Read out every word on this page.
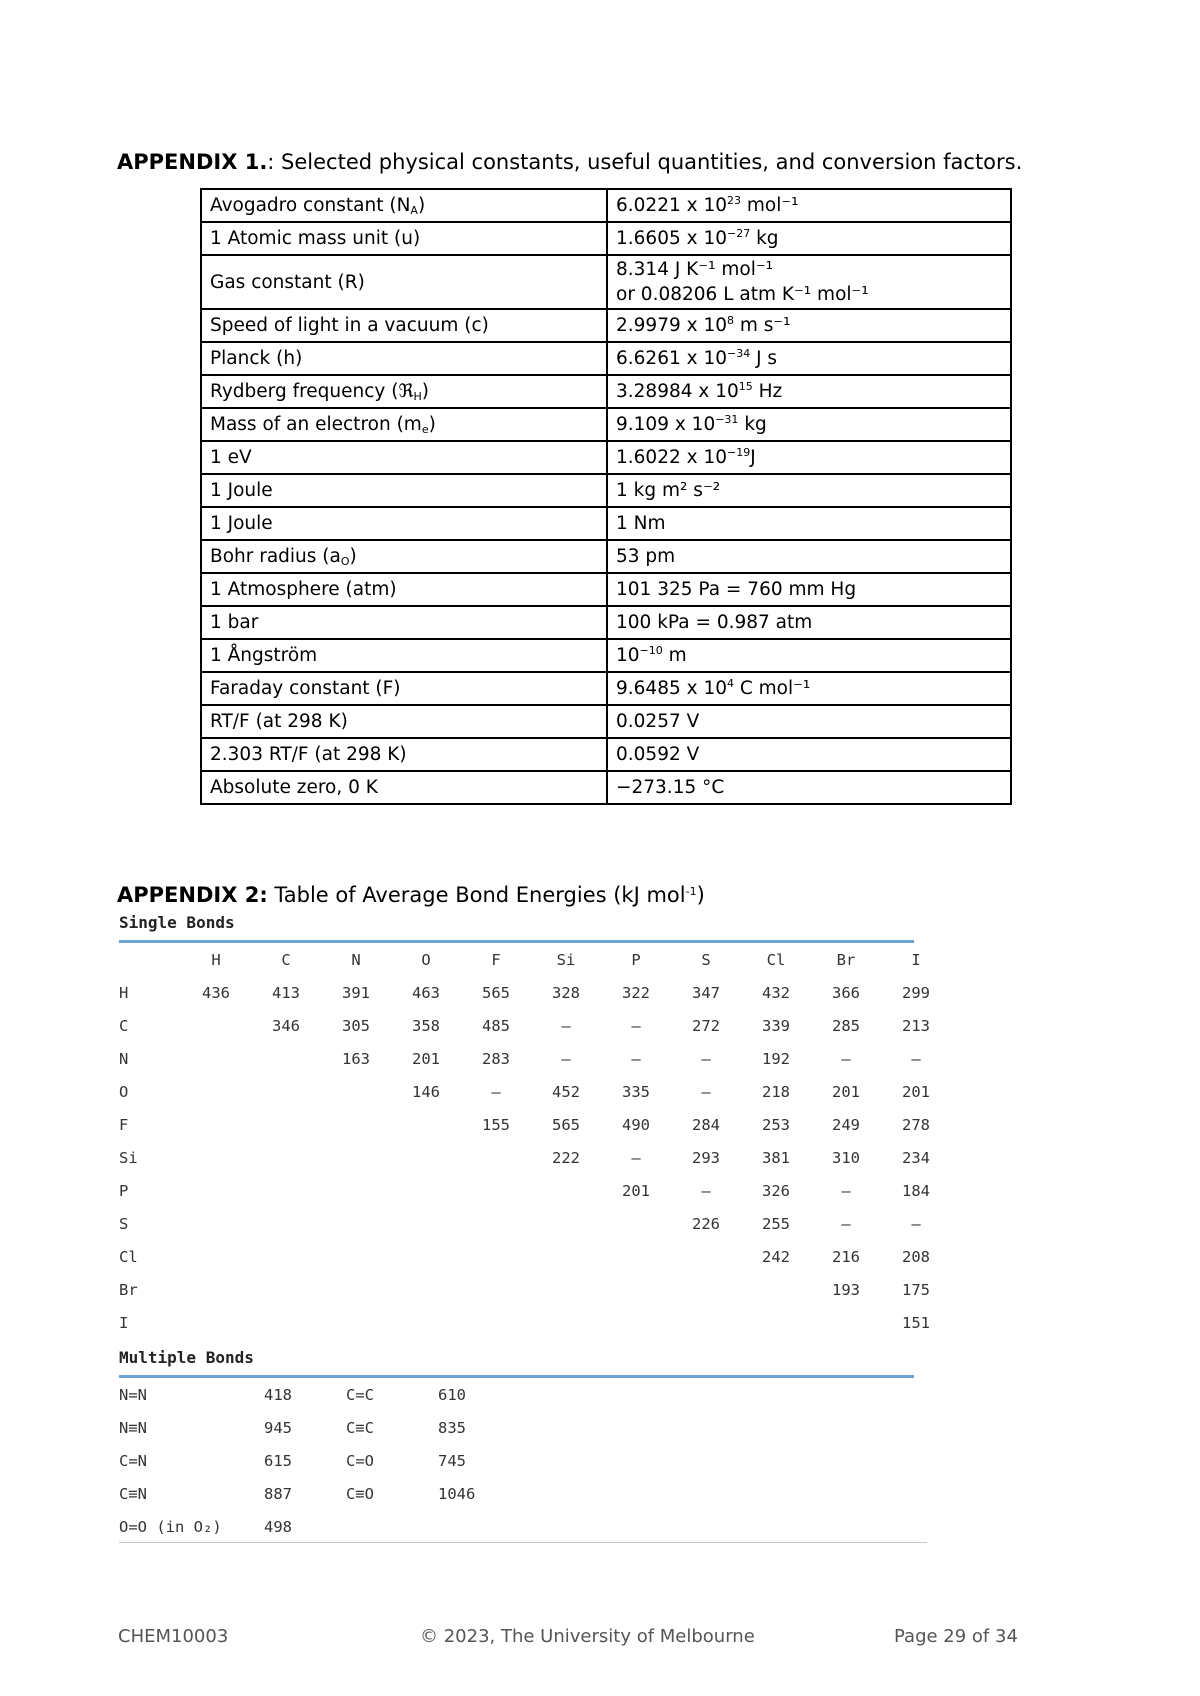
APPENDIX 1.: Selected physical constants, useful quantities, and conversion factors.
Avogadro constant $(N_A)$	6.0221 x $10^{23}$ mol⁻¹
1 Atomic mass unit (u)	1.6605 x $10^{-27}$ kg
Gas constant (R)	8.314 J K⁻¹ mol⁻¹
or 0.08206 L atm K⁻¹ mol⁻¹
Speed of light in a vacuum (c)	2.9979 x $10^8$ m s⁻¹
Planck (h)	6.6261 x $10^{-34}$ J s
Rydberg frequency (ℜ$_H$)	3.28984 x $10^{15}$ Hz
Mass of an electron $(m_e)$	9.109 x $10^{-31}$ kg
1 eV	1.6022 x $10^{-19}J$
1 Joule	1 kg m² s⁻²
1 Joule	1 Nm
Bohr radius $(a_O)$	53 pm
1 Atmosphere (atm)	101 325 Pa = 760 mm Hg
1 bar	100 kPa = 0.987 atm
1 Ångström	$10^{-10}$ m
Faraday constant (F)	9.6485 x $10^4$ C mol⁻¹
RT/F (at 298 K)	0.0257 V
2.303 RT/F (at 298 K)	0.0592 V
Absolute zero, 0 K	−273.15 °C
APPENDIX 2: Table of Average Bond Energies (kJ mol$^{-1}$)
Single Bonds
	H	C	N	O	F	Si	P	S	Cl	Br	I
H	436	413	391	463	565	328	322	347	432	366	299
C		346	305	358	485	–	–	272	339	285	213
N			163	201	283	–	–	–	192	–	–
O				146	–	452	335	–	218	201	201
F					155	565	490	284	253	249	278
Si						222	–	293	381	310	234
P							201	–	326	–	184
S								226	255	–	–
Cl									242	216	208
Br										193	175
I											151
Multiple Bonds
N=N	418	C=C	610
N≡N	945	C≡C	835
C=N	615	C=O	745
C≡N	887	C≡O	1046
O=O (in O₂)	498		
CHEM10003	© 2023, The University of Melbourne	Page 29 of 34
